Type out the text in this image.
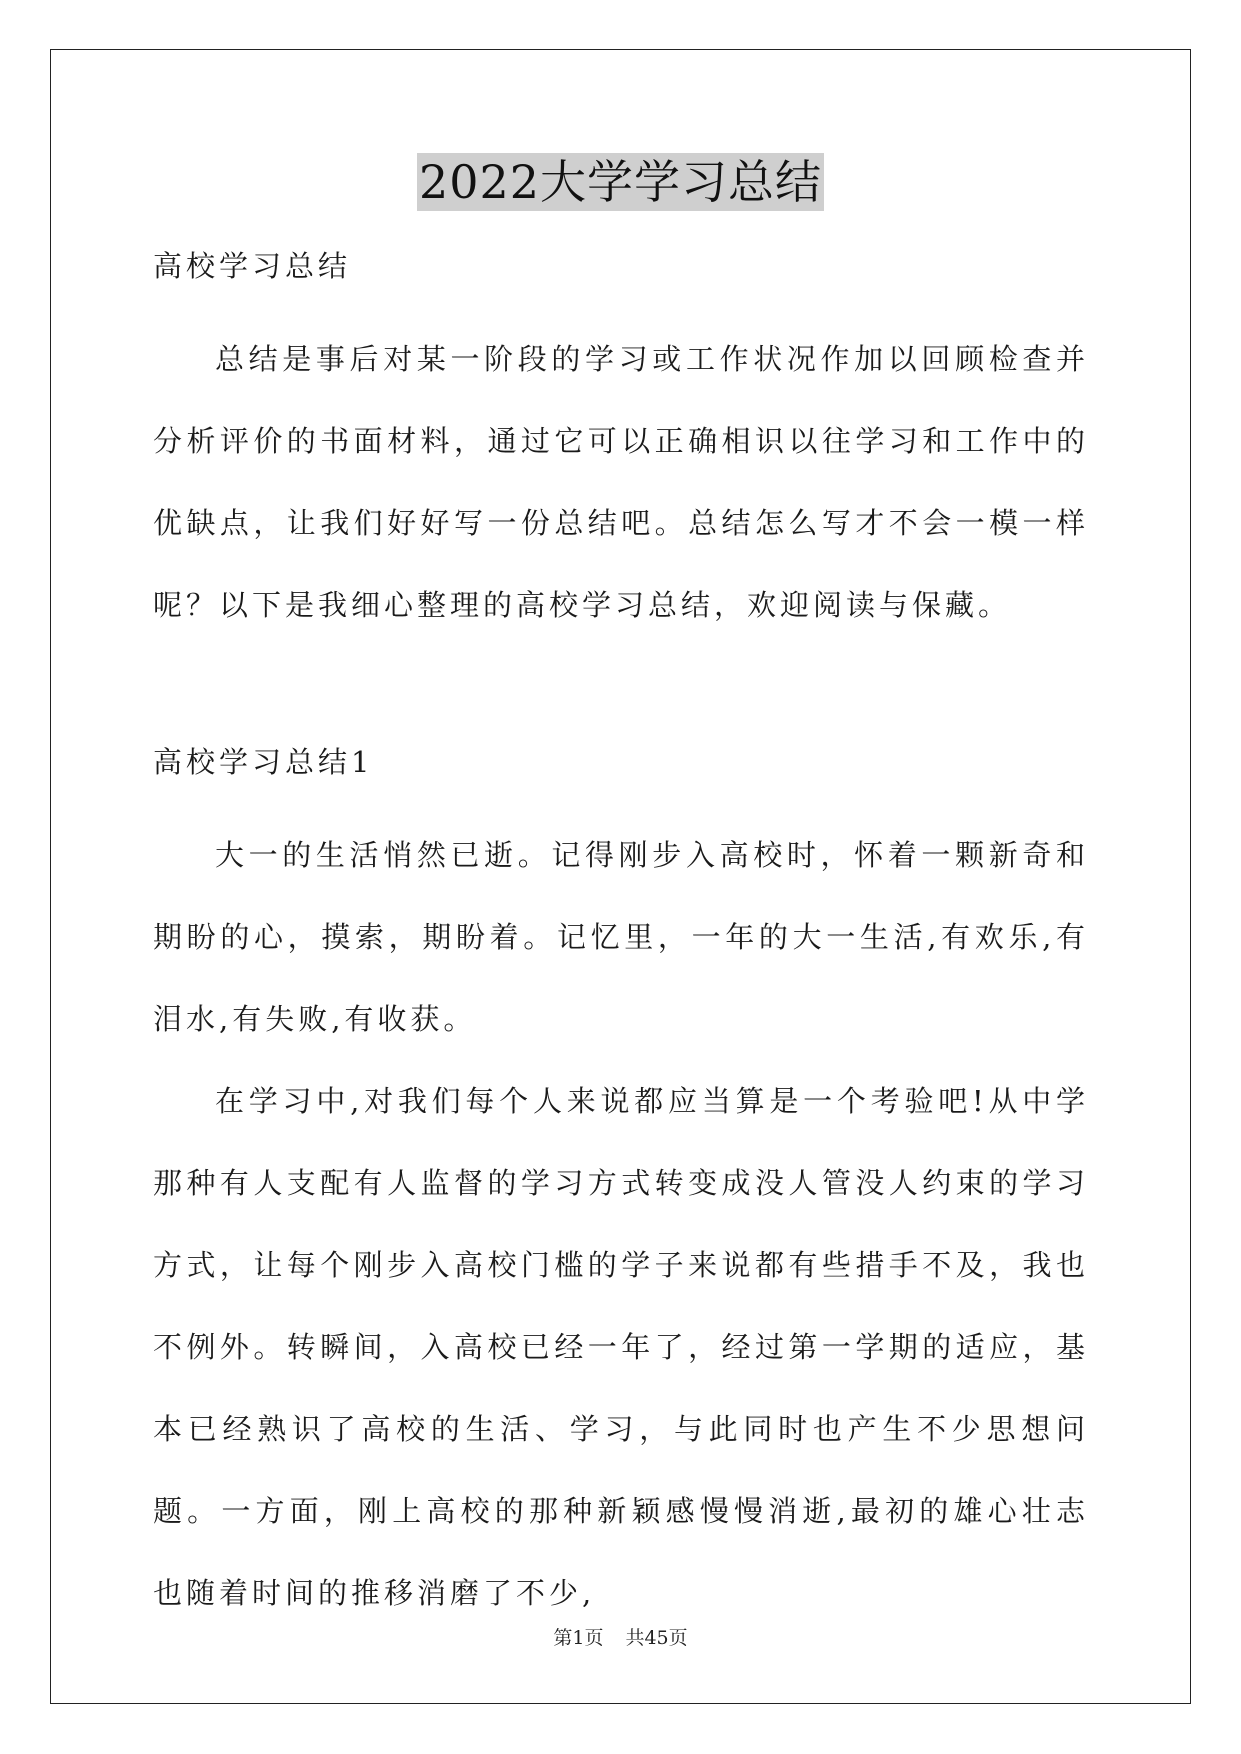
2022大学学习总结
高校学习总结
总结是事后对某一阶段的学习或工作状况作加以回顾检查并分析评价的书面材料，通过它可以正确相识以往学习和工作中的优缺点，让我们好好写一份总结吧。总结怎么写才不会一模一样呢？以下是我细心整理的高校学习总结，欢迎阅读与保藏。
高校学习总结1
大一的生活悄然已逝。记得刚步入高校时，怀着一颗新奇和期盼的心，摸索，期盼着。记忆里，一年的大一生活,有欢乐,有泪水,有失败,有收获。
在学习中,对我们每个人来说都应当算是一个考验吧!从中学那种有人支配有人监督的学习方式转变成没人管没人约束的学习方式，让每个刚步入高校门槛的学子来说都有些措手不及，我也不例外。转瞬间，入高校已经一年了，经过第一学期的适应，基本已经熟识了高校的生活、学习，与此同时也产生不少思想问题。一方面，刚上高校的那种新颖感慢慢消逝,最初的雄心壮志也随着时间的推移消磨了不少,
第1页 共45页
